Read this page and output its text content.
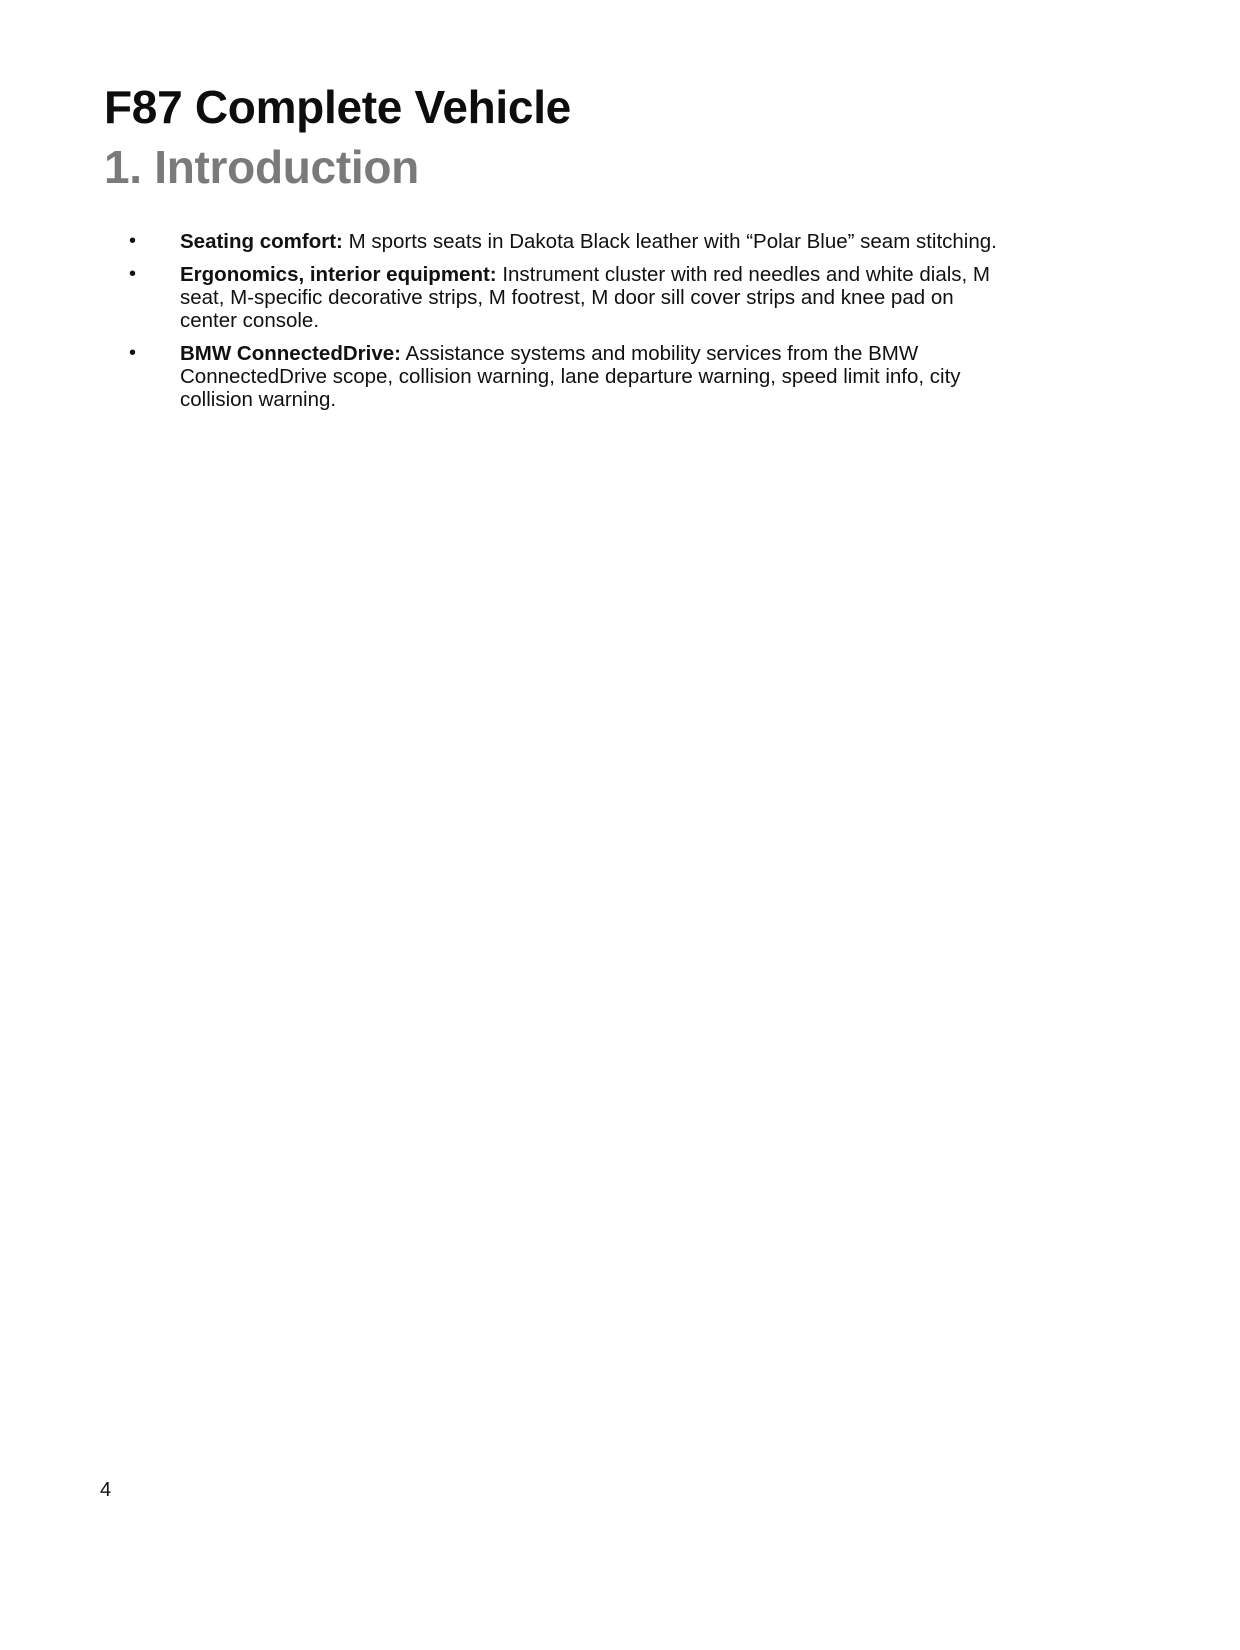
F87 Complete Vehicle
1. Introduction
• Seating comfort: M sports seats in Dakota Black leather with “Polar Blue” seam stitching.
• Ergonomics, interior equipment: Instrument cluster with red needles and white dials, M seat, M-specific decorative strips, M footrest, M door sill cover strips and knee pad on center console.
• BMW ConnectedDrive: Assistance systems and mobility services from the BMW ConnectedDrive scope, collision warning, lane departure warning, speed limit info, city collision warning.
4
